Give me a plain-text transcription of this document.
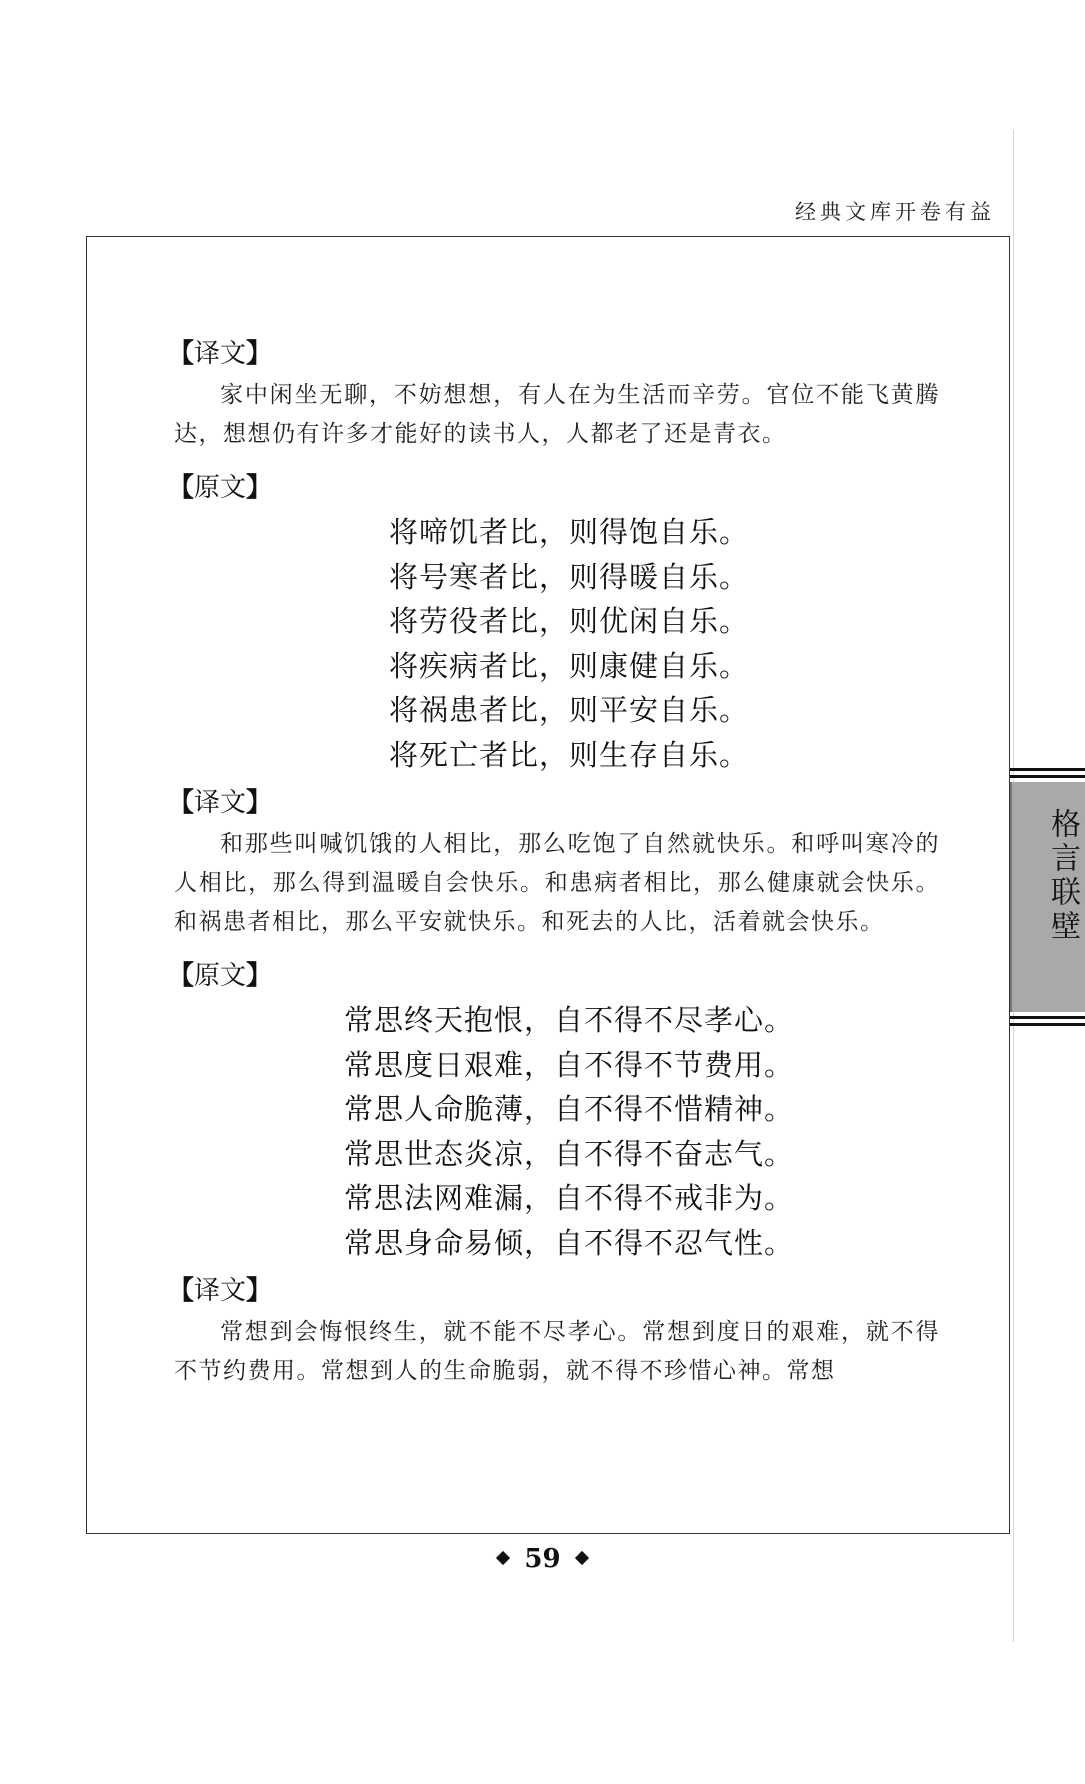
经典文库开卷有益
【译文】

家中闲坐无聊，不妨想想，有人在为生活而辛劳。官位不能飞黄腾达，想想仍有许多才能好的读书人，人都老了还是青衣。

【原文】
将啼饥者比，则得饱自乐。
将号寒者比，则得暖自乐。
将劳役者比，则优闲自乐。
将疾病者比，则康健自乐。
将祸患者比，则平安自乐。
将死亡者比，则生存自乐。
【译文】

和那些叫喊饥饿的人相比，那么吃饱了自然就快乐。和呼叫寒冷的人相比，那么得到温暖自会快乐。和患病者相比，那么健康就会快乐。和祸患者相比，那么平安就快乐。和死去的人比，活着就会快乐。

【原文】
常思终天抱恨，自不得不尽孝心。
常思度日艰难，自不得不节费用。
常思人命脆薄，自不得不惜精神。
常思世态炎凉，自不得不奋志气。
常思法网难漏，自不得不戒非为。
常思身命易倾，自不得不忍气性。
【译文】

常想到会悔恨终生，就不能不尽孝心。常想到度日的艰难，就不得不节约费用。常想到人的生命脆弱，就不得不珍惜心神。常想

59
格言联壁
